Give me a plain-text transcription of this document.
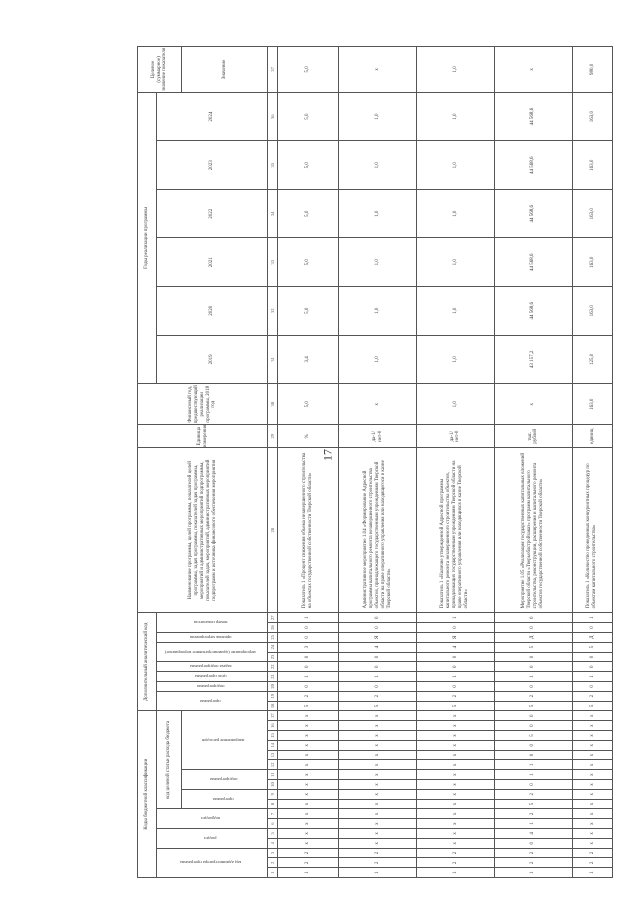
17
Коды бюджетной классификации																	Дополнительный аналитический код										Наименование программы, целей программы, показателей целей программы, задач программы, показателей задач программы, мероприятий и административных мероприятий подпрограммы, показателей задач, мероприятий, административных мероприятий подпрограмм и источника финансового обеспечения мероприятия	Единица измерения	Финансовый год, предшествующий реализации программы, 2018 год	Годы реализации программы						Целевое (суммарное) значение показателя
код администратора программы			раздел		подраздел		код целевой статьи расхода бюджета										программа		подпрограмма	цель программы	задача подпрограммы	мероприятие (административное мероприятие)		признак мероприятия	номер показателя					2019	2020	2021	2022	2023	2024	
							программа		подпрограмма		направление расходов																									Значение
1	2	3	4	5	6	7	8	9	10	11	12	13	14	15	16	17	18	19	20	21	22	23	24	25	26	27	28	29	30	31	32	33	34	35	36	37
1	2	2	x	x	x	x	x	x	x	x	x	x	x	x	x	x	5	2	0	1	0	0	3	0	0	1	Показатель 1 «Процент снижения объема незавершенного строительства на объектах государственной собственности Тверской области»	%	5,0	3,4	5,0	5,0	5,0	5,0	5,0	5,0
1	2	2	x	x	x	x	x	x	x	x	x	x	x	x	x	x	5	2	0	1	0	0	4	Я	0	0	Административное мероприятие 1.04 «Формирование Адресной программы капитального ремонта незавершенного строительства объектов, принадлежащего государственным учреждениям Тверской области на праве оперативного управления или находящегося в казне Тверской области»	да-1/ нет-0	x	1,0	1,0	1,0	1,0	1,0	1,0	x
1	2	2	x	x	x	x	x	x	x	x	x	x	x	x	x	x	5	2	0	1	0	0	4	Я	0	1	Показатель 1 «Наличие утвержденной Адресной программы капитального ремонта незавершенного строительства объектов, принадлежащих государственным учреждениям Тверской области на праве оперативного управления или находящихся в казне Тверской области»	да-1/ нет-0	1,0	1,0	1,0	1,0	1,0	1,0	1,0	1,0
1	2	2	0	4	1	2	5	2	0	1	1	0	0	5	0	0	5	2	0	1	0	0	5	Д	0	0	Мероприятие 1.05 «Реализация государственных капитальных вложений Тверской области «Тверьоблстройзаказ» программ капитального строительства, реконструкции, расширения и капитального ремонта объектов государственной собственности Тверской области»	тыс. рублей	x	43 157,2	44 568,6	44 568,6	44 568,6	44 568,6	44 568,6	x
1	2	2	x	x	x	x	x	x	x	x	x	x	x	x	x	x	5	2	0	1	0	0	5	Д	0	1	Показатель 1 «Количество проведенных конкурентных процедур по объектам капитального строительства»	единиц	163,0	125,0	163,0	163,0	163,0	163,0	163,0	980,0
